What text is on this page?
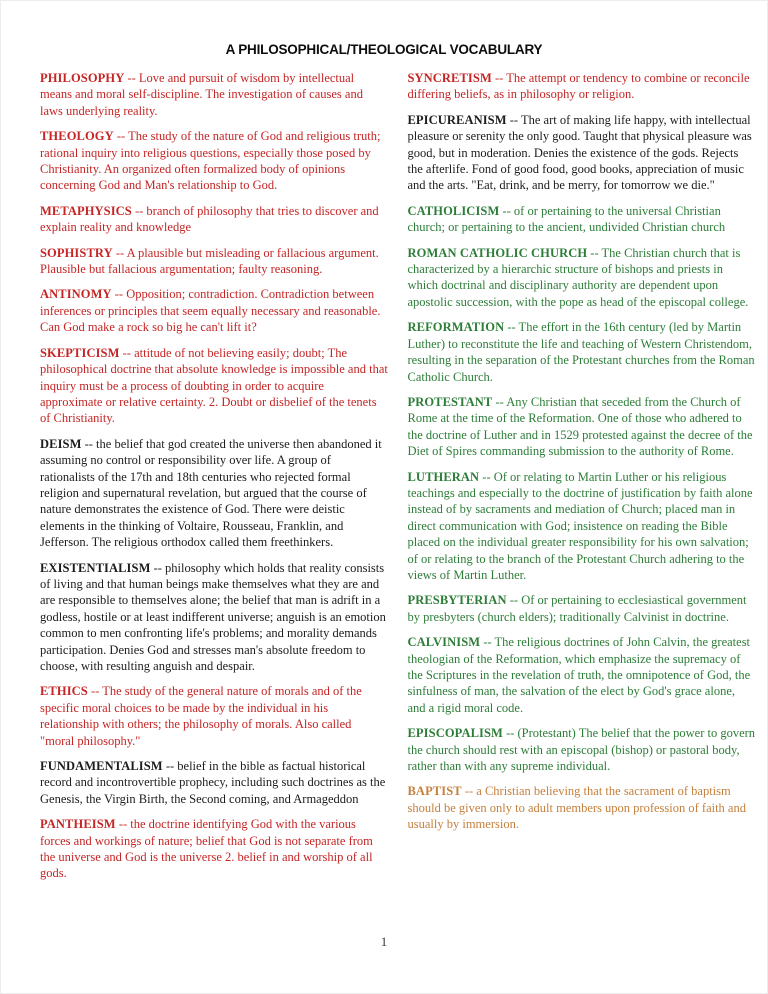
A PHILOSOPHICAL/THEOLOGICAL VOCABULARY

PHILOSOPHY -- Love and pursuit of wisdom by intellectual means and moral self-discipline. The investigation of causes and laws underlying reality.

THEOLOGY -- The study of the nature of God and religious truth; rational inquiry into religious questions, especially those posed by Christianity. An organized often formalized body of opinions concerning God and Man's relationship to God.

METAPHYSICS -- branch of philosophy that tries to discover and explain reality and knowledge

SOPHISTRY -- A plausible but misleading or fallacious argument. Plausible but fallacious argumentation; faulty reasoning.

ANTINOMY -- Opposition; contradiction. Contradiction between inferences or principles that seem equally necessary and reasonable. Can God make a rock so big he can't lift it?

SKEPTICISM -- attitude of not believing easily; doubt; The philosophical doctrine that absolute knowledge is impossible and that inquiry must be a process of doubting in order to acquire approximate or relative certainty. 2. Doubt or disbelief of the tenets of Christianity.

DEISM -- the belief that god created the universe then abandoned it assuming no control or responsibility over life. A group of rationalists of the 17th and 18th centuries who rejected formal religion and supernatural revelation, but argued that the course of nature demonstrates the existence of God. There were deistic elements in the thinking of Voltaire, Rousseau, Franklin, and Jefferson. The religious orthodox called them freethinkers.

EXISTENTIALISM -- philosophy which holds that reality consists of living and that human beings make themselves what they are and are responsible to themselves alone; the belief that man is adrift in a godless, hostile or at least indifferent universe; anguish is an emotion common to men confronting life's problems; and morality demands participation. Denies God and stresses man's absolute freedom to choose, with resulting anguish and despair.

ETHICS -- The study of the general nature of morals and of the specific moral choices to be made by the individual in his relationship with others; the philosophy of morals. Also called "moral philosophy."

FUNDAMENTALISM -- belief in the bible as factual historical record and incontrovertible prophecy, including such doctrines as the Genesis, the Virgin Birth, the Second coming, and Armageddon

PANTHEISM -- the doctrine identifying God with the various forces and workings of nature; belief that God is not separate from the universe and God is the universe 2. belief in and worship of all gods.

SYNCRETISM -- The attempt or tendency to combine or reconcile differing beliefs, as in philosophy or religion.

EPICUREANISM -- The art of making life happy, with intellectual pleasure or serenity the only good. Taught that physical pleasure was good, but in moderation. Denies the existence of the gods. Rejects the afterlife. Fond of good food, good books, appreciation of music and the arts. "Eat, drink, and be merry, for tomorrow we die."

CATHOLICISM -- of or pertaining to the universal Christian church; or pertaining to the ancient, undivided Christian church

ROMAN CATHOLIC CHURCH -- The Christian church that is characterized by a hierarchic structure of bishops and priests in which doctrinal and disciplinary authority are dependent upon apostolic succession, with the pope as head of the episcopal college.

REFORMATION -- The effort in the 16th century (led by Martin Luther) to reconstitute the life and teaching of Western Christendom, resulting in the separation of the Protestant churches from the Roman Catholic Church.

PROTESTANT -- Any Christian that seceded from the Church of Rome at the time of the Reformation. One of those who adhered to the doctrine of Luther and in 1529 protested against the decree of the Diet of Spires commanding submission to the authority of Rome.

LUTHERAN -- Of or relating to Martin Luther or his religious teachings and especially to the doctrine of justification by faith alone instead of by sacraments and mediation of Church; placed man in direct communication with God; insistence on reading the Bible placed on the individual greater responsibility for his own salvation; of or relating to the branch of the Protestant Church adhering to the views of Martin Luther.

PRESBYTERIAN -- Of or pertaining to ecclesiastical government by presbyters (church elders); traditionally Calvinist in doctrine.

CALVINISM -- The religious doctrines of John Calvin, the greatest theologian of the Reformation, which emphasize the supremacy of the Scriptures in the revelation of truth, the omnipotence of God, the sinfulness of man, the salvation of the elect by God's grace alone, and a rigid moral code.

EPISCOPALISM -- (Protestant) The belief that the power to govern the church should rest with an episcopal (bishop) or pastoral body, rather than with any supreme individual.

BAPTIST -- a Christian believing that the sacrament of baptism should be given only to adult members upon profession of faith and usually by immersion.

1
